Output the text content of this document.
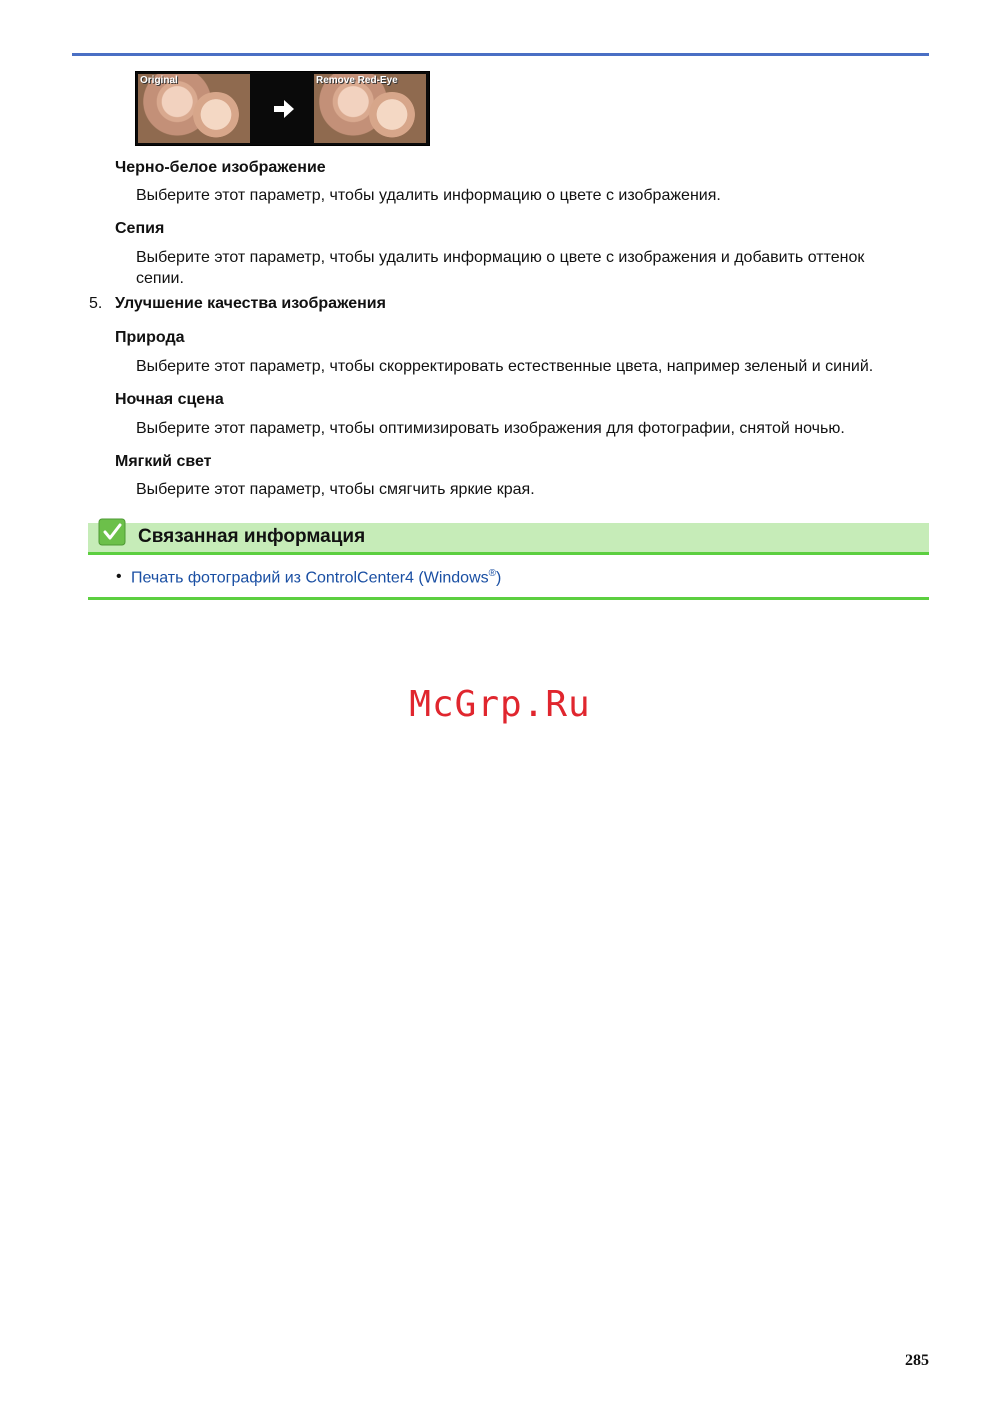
Original	Remove Red-Eye
Черно-белое изображение
Выберите этот параметр, чтобы удалить информацию о цвете с изображения.
Сепия
Выберите этот параметр, чтобы удалить информацию о цвете с изображения и добавить оттенок
сепии.
5. Улучшение качества изображения
Природа
Выберите этот параметр, чтобы скорректировать естественные цвета, например зеленый и синий.
Ночная сцена
Выберите этот параметр, чтобы оптимизировать изображения для фотографии, снятой ночью.
Мягкий свет
Выберите этот параметр, чтобы смягчить яркие края.
Связанная информация
• Печать фотографий из ControlCenter4 (Windows®)
McGrp.Ru
285
